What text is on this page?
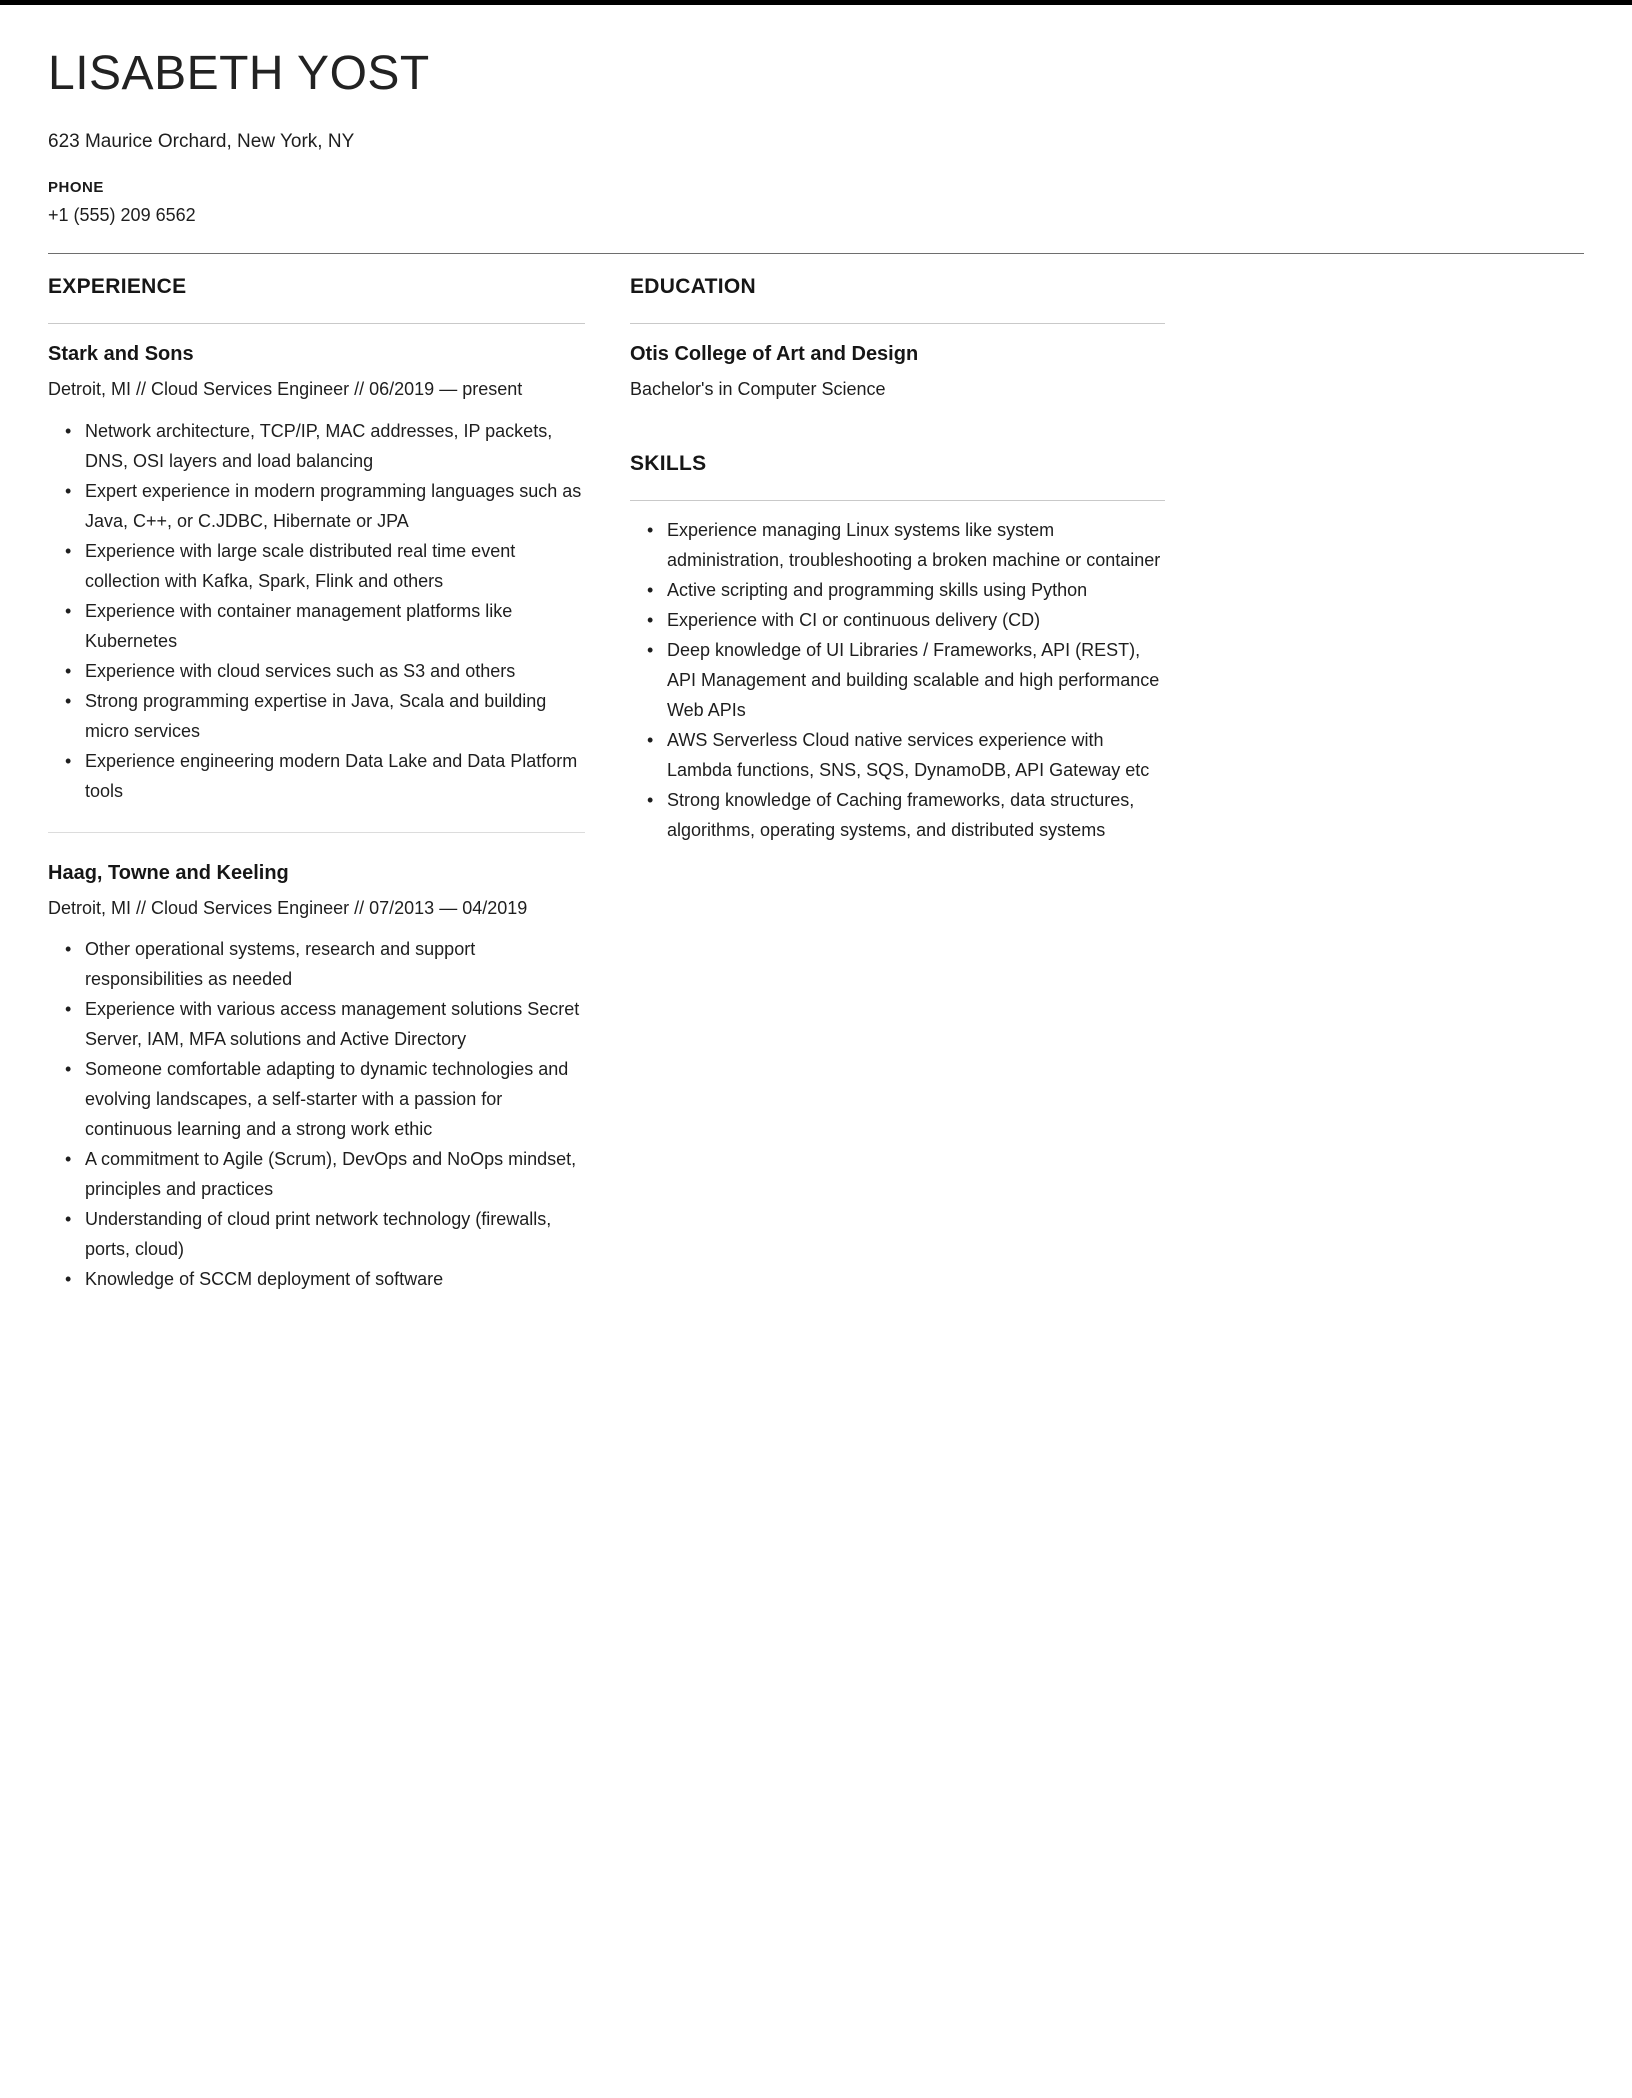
LISABETH YOST

623 Maurice Orchard, New York, NY

PHONE

+1 (555) 209 6562

EXPERIENCE
Stark and Sons

Detroit, MI // Cloud Services Engineer // 06/2019 — present

• Network architecture, TCP/IP, MAC addresses, IP packets, DNS, OSI layers and load balancing
• Expert experience in modern programming languages such as Java, C++, or C.JDBC, Hibernate or JPA
• Experience with large scale distributed real time event collection with Kafka, Spark, Flink and others
• Experience with container management platforms like Kubernetes
• Experience with cloud services such as S3 and others
• Strong programming expertise in Java, Scala and building micro services
• Experience engineering modern Data Lake and Data Platform tools
Haag, Towne and Keeling

Detroit, MI // Cloud Services Engineer // 07/2013 — 04/2019

• Other operational systems, research and support responsibilities as needed
• Experience with various access management solutions Secret Server, IAM, MFA solutions and Active Directory
• Someone comfortable adapting to dynamic technologies and evolving landscapes, a self-starter with a passion for continuous learning and a strong work ethic
• A commitment to Agile (Scrum), DevOps and NoOps mindset, principles and practices
• Understanding of cloud print network technology (firewalls, ports, cloud)
• Knowledge of SCCM deployment of software
EDUCATION
Otis College of Art and Design

Bachelor's in Computer Science

SKILLS
• Experience managing Linux systems like system administration, troubleshooting a broken machine or container
• Active scripting and programming skills using Python
• Experience with CI or continuous delivery (CD)
• Deep knowledge of UI Libraries / Frameworks, API (REST), API Management and building scalable and high performance Web APIs
• AWS Serverless Cloud native services experience with Lambda functions, SNS, SQS, DynamoDB, API Gateway etc
• Strong knowledge of Caching frameworks, data structures, algorithms, operating systems, and distributed systems
